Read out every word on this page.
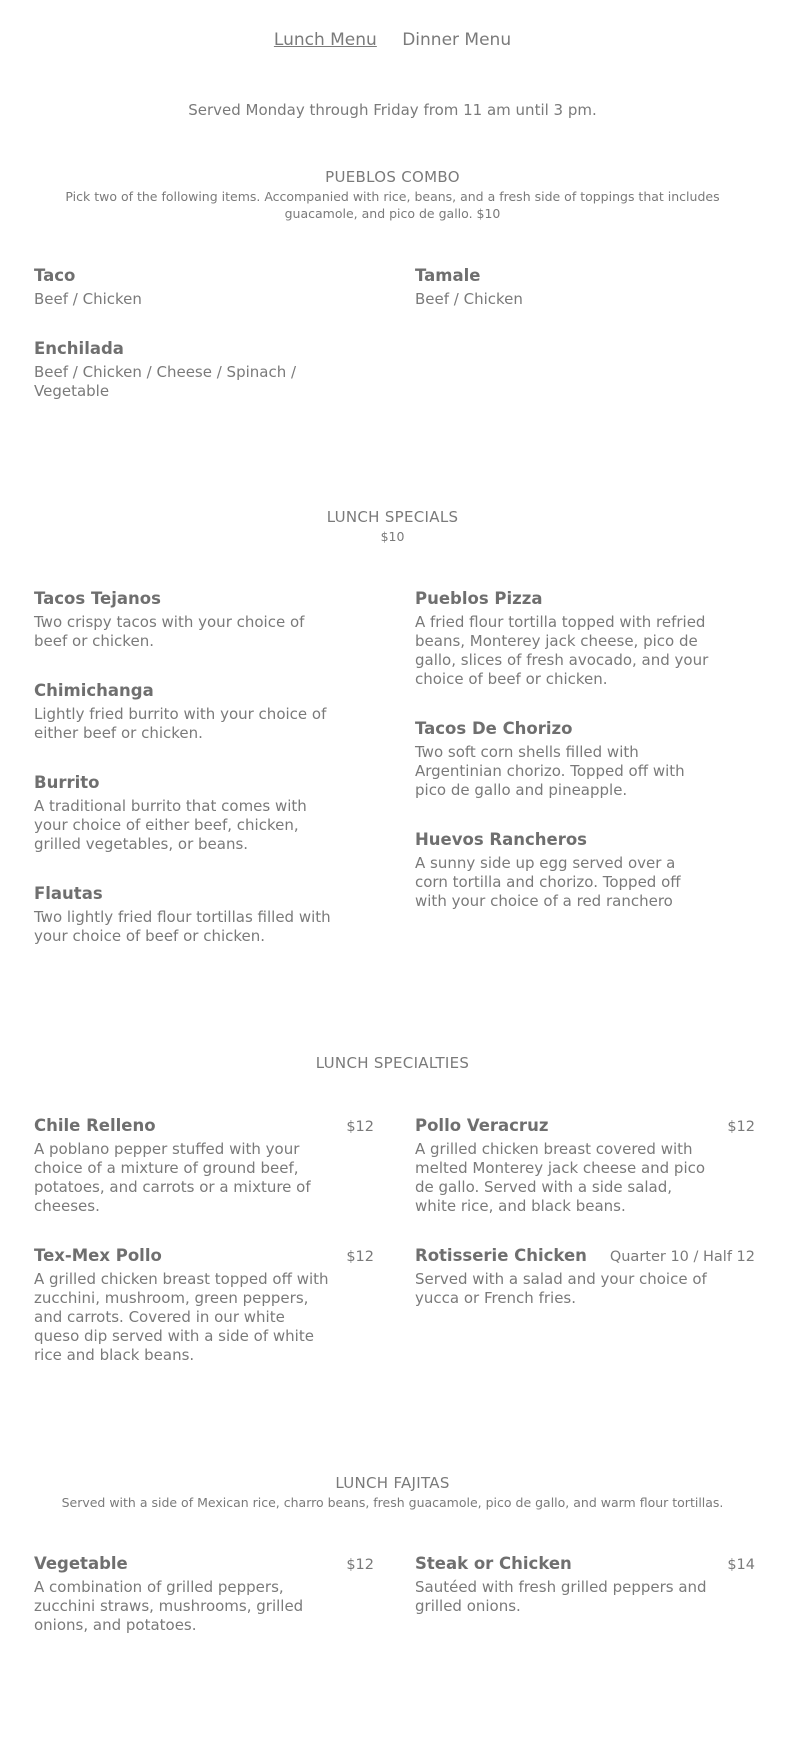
Lunch Menu Dinner Menu
Served Monday through Friday from 11 am until 3 pm.
PUEBLOS COMBO
Pick two of the following items. Accompanied with rice, beans, and a fresh side of toppings that includes guacamole, and pico de gallo. $10
Taco
Beef / Chicken
Tamale
Beef / Chicken
Enchilada
Beef / Chicken / Cheese / Spinach / Vegetable
LUNCH SPECIALS
$10
Tacos Tejanos
Two crispy tacos with your choice of beef or chicken.
Chimichanga
Lightly fried burrito with your choice of either beef or chicken.
Burrito
A traditional burrito that comes with your choice of either beef, chicken, grilled vegetables, or beans.
Flautas
Two lightly fried flour tortillas filled with your choice of beef or chicken.
Pueblos Pizza
A fried flour tortilla topped with refried beans, Monterey jack cheese, pico de gallo, slices of fresh avocado, and your choice of beef or chicken.
Tacos De Chorizo
Two soft corn shells filled with Argentinian chorizo. Topped off with pico de gallo and pineapple.
Huevos Rancheros
A sunny side up egg served over a corn tortilla and chorizo. Topped off with your choice of a red ranchero
LUNCH SPECIALTIES
Chile Relleno	$12
A poblano pepper stuffed with your choice of a mixture of ground beef, potatoes, and carrots or a mixture of cheeses.
Tex-Mex Pollo	$12
A grilled chicken breast topped off with zucchini, mushroom, green peppers, and carrots. Covered in our white queso dip served with a side of white rice and black beans.
Pollo Veracruz	$12
A grilled chicken breast covered with melted Monterey jack cheese and pico de gallo. Served with a side salad, white rice, and black beans.
Rotisserie Chicken Quarter 10 / Half 12
Served with a salad and your choice of yucca or French fries.
LUNCH FAJITAS
Served with a side of Mexican rice, charro beans, fresh guacamole, pico de gallo, and warm flour tortillas.
Vegetable	$12
A combination of grilled peppers, zucchini straws, mushrooms, grilled onions, and potatoes.
Steak or Chicken	$14
Sautéed with fresh grilled peppers and grilled onions.
